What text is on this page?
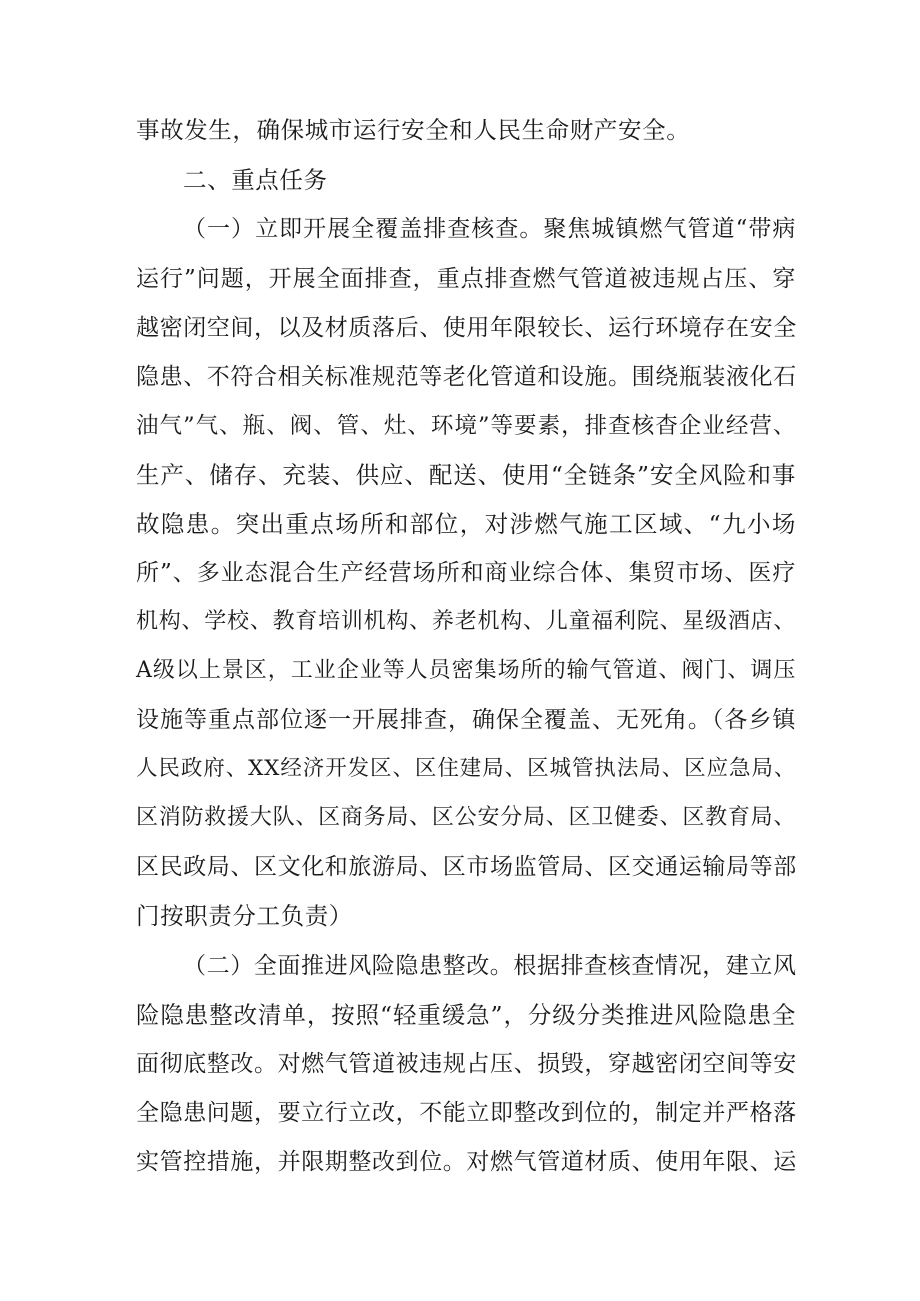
事故发生，确保城市运行安全和人民生命财产安全。
二、重点任务
（一）立即开展全覆盖排查核查。聚焦城镇燃气管道“带病
运行”问题，开展全面排查，重点排查燃气管道被违规占压、穿
越密闭空间，以及材质落后、使用年限较长、运行环境存在安全
隐患、不符合相关标准规范等老化管道和设施。围绕瓶装液化石
油气”气、瓶、阀、管、灶、环境”等要素，排查核杳企业经营、
生产、储存、充装、供应、配送、使用“全链条”安全风险和事
故隐患。突出重点场所和部位，对涉燃气施工区域、“九小场
所”、多业态混合生产经营场所和商业综合体、集贸市场、医疗
机构、学校、教育培训机构、养老机构、儿童福利院、星级酒店、
A级以上景区，工业企业等人员密集场所的输气管道、阀门、调压
设施等重点部位逐一开展排查，确保全覆盖、无死角。（各乡镇
人民政府、XX经济开发区、区住建局、区城管执法局、区应急局、
区消防救援大队、区商务局、区公安分局、区卫健委、区教育局、
区民政局、区文化和旅游局、区市场监管局、区交通运输局等部
门按职责分工负责）
（二）全面推进风险隐患整改。根据排查核查情况，建立风
险隐患整改清单，按照“轻重缓急”，分级分类推进风险隐患全
面彻底整改。对燃气管道被违规占压、损毁，穿越密闭空间等安
全隐患问题，要立行立改，不能立即整改到位的，制定并严格落
实管控措施，并限期整改到位。对燃气管道材质、使用年限、运
